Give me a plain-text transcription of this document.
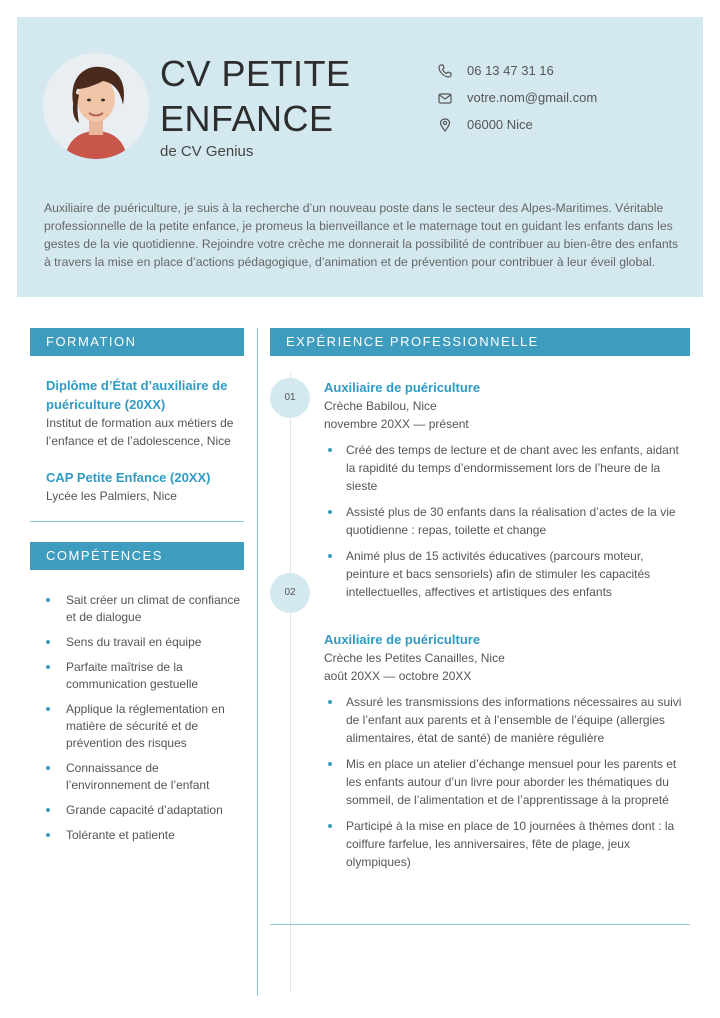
CV PETITE ENFANCE
de CV Genius
06 13 47 31 16
votre.nom@gmail.com
06000 Nice

Auxiliaire de puériculture, je suis à la recherche d’un nouveau poste dans le secteur des Alpes-Maritimes. Véritable professionnelle de la petite enfance, je promeus la bienveillance et le maternage tout en guidant les enfants dans les gestes de la vie quotidienne. Rejoindre votre crèche me donnerait la possibilité de contribuer au bien-être des enfants à travers la mise en place d’actions pédagogique, d’animation et de prévention pour contribuer à leur éveil global.

FORMATION
Diplôme d’État d’auxiliaire de puériculture (20XX)
Institut de formation aux métiers de l’enfance et de l’adolescence, Nice
CAP Petite Enfance (20XX)
Lycée les Palmiers, Nice
COMPÉTENCES
Sait créer un climat de confiance et de dialogue
Sens du travail en équipe
Parfaite maîtrise de la communication gestuelle
Applique la réglementation en matière de sécurité et de prévention des risques
Connaissance de l’environnement de l’enfant
Grande capacité d’adaptation
Tolérante et patiente
EXPÉRIENCE PROFESSIONNELLE
01
Auxiliaire de puériculture
Crèche Babilou, Nice
novembre 20XX — présent
Créé des temps de lecture et de chant avec les enfants, aidant la rapidité du temps d’endormissement lors de l’heure de la sieste
Assisté plus de 30 enfants dans la réalisation d’actes de la vie quotidienne : repas, toilette et change
Animé plus de 15 activités éducatives (parcours moteur, peinture et bacs sensoriels) afin de stimuler les capacités intellectuelles, affectives et artistiques des enfants
02
Auxiliaire de puériculture
Crèche les Petites Canailles, Nice
août 20XX — octobre 20XX
Assuré les transmissions des informations nécessaires au suivi de l’enfant aux parents et à l’ensemble de l’équipe (allergies alimentaires, état de santé) de manière régulière
Mis en place un atelier d’échange mensuel pour les parents et les enfants autour d’un livre pour aborder les thématiques du sommeil, de l’alimentation et de l’apprentissage à la propreté
Participé à la mise en place de 10 journées à thèmes dont : la coiffure farfelue, les anniversaires, fête de plage, jeux olympiques)
